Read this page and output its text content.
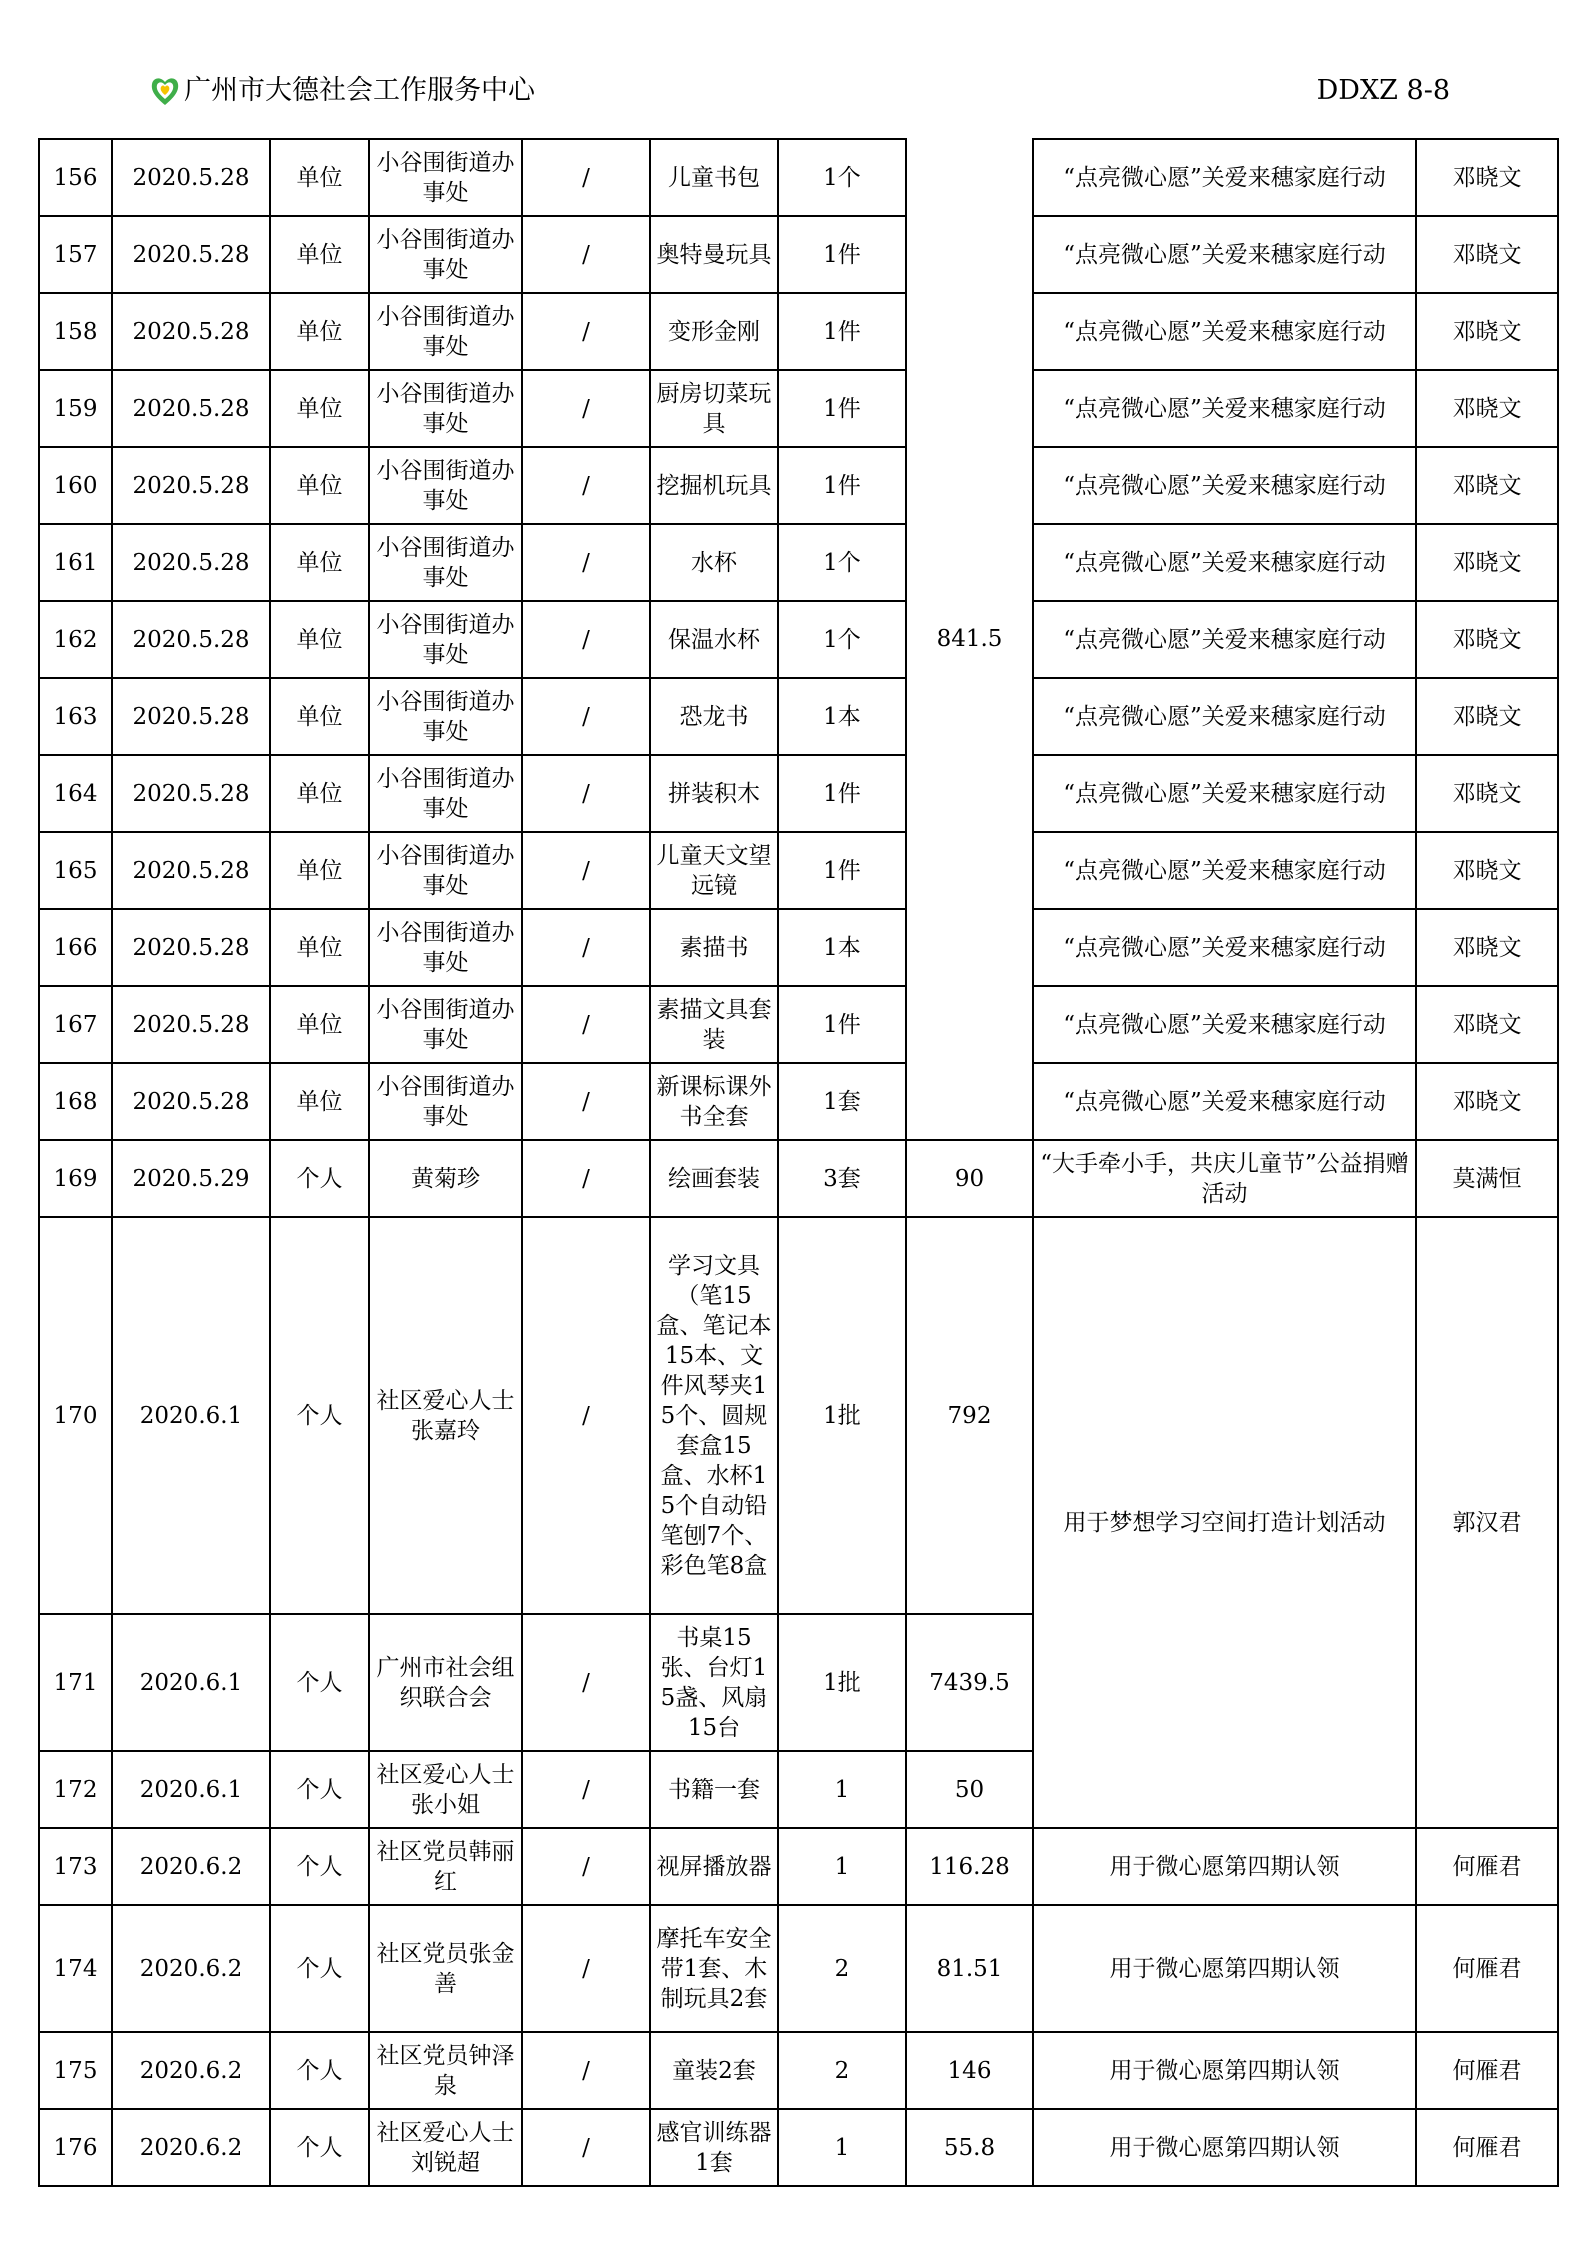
广州市大德社会工作服务中心	DDXZ 8-8
156	2020.5.28	单位	小谷围街道办事处	/	儿童书包	1个	841.5	“点亮微心愿”关爱来穗家庭行动	邓晓文
157	2020.5.28	单位	小谷围街道办事处	/	奥特曼玩具	1件		“点亮微心愿”关爱来穗家庭行动	邓晓文
158	2020.5.28	单位	小谷围街道办事处	/	变形金刚	1件		“点亮微心愿”关爱来穗家庭行动	邓晓文
159	2020.5.28	单位	小谷围街道办事处	/	厨房切菜玩具	1件		“点亮微心愿”关爱来穗家庭行动	邓晓文
160	2020.5.28	单位	小谷围街道办事处	/	挖掘机玩具	1件		“点亮微心愿”关爱来穗家庭行动	邓晓文
161	2020.5.28	单位	小谷围街道办事处	/	水杯	1个		“点亮微心愿”关爱来穗家庭行动	邓晓文
162	2020.5.28	单位	小谷围街道办事处	/	保温水杯	1个		“点亮微心愿”关爱来穗家庭行动	邓晓文
163	2020.5.28	单位	小谷围街道办事处	/	恐龙书	1本		“点亮微心愿”关爱来穗家庭行动	邓晓文
164	2020.5.28	单位	小谷围街道办事处	/	拼装积木	1件		“点亮微心愿”关爱来穗家庭行动	邓晓文
165	2020.5.28	单位	小谷围街道办事处	/	儿童天文望远镜	1件		“点亮微心愿”关爱来穗家庭行动	邓晓文
166	2020.5.28	单位	小谷围街道办事处	/	素描书	1本		“点亮微心愿”关爱来穗家庭行动	邓晓文
167	2020.5.28	单位	小谷围街道办事处	/	素描文具套装	1件		“点亮微心愿”关爱来穗家庭行动	邓晓文
168	2020.5.28	单位	小谷围街道办事处	/	新课标课外书全套	1套		“点亮微心愿”关爱来穗家庭行动	邓晓文
169	2020.5.29	个人	黄菊珍	/	绘画套装	3套	90	“大手牵小手，共庆儿童节”公益捐赠活动	莫满恒
170	2020.6.1	个人	社区爱心人士张嘉玲	/	学习文具（笔15盒、笔记本15本、文件风琴夹15个、圆规套盒15盒、水杯15个自动铅笔刨7个、彩色笔8盒	1批	792	用于梦想学习空间打造计划活动	郭汉君
171	2020.6.1	个人	广州市社会组织联合会	/	书桌15张、台灯15盏、风扇15台	1批	7439.5		
172	2020.6.1	个人	社区爱心人士张小姐	/	书籍一套	1	50		
173	2020.6.2	个人	社区党员韩丽红	/	视屏播放器	1	116.28	用于微心愿第四期认领	何雁君
174	2020.6.2	个人	社区党员张金善	/	摩托车安全带1套、木制玩具2套	2	81.51	用于微心愿第四期认领	何雁君
175	2020.6.2	个人	社区党员钟泽泉	/	童装2套	2	146	用于微心愿第四期认领	何雁君
176	2020.6.2	个人	社区爱心人士刘锐超	/	感官训练器1套	1	55.8	用于微心愿第四期认领	何雁君
